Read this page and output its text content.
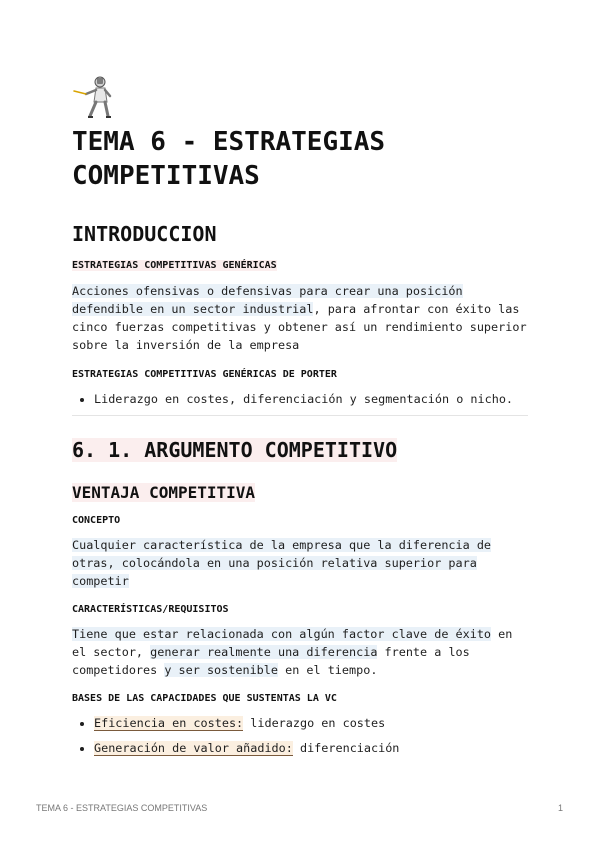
TEMA 6 - ESTRATEGIAS
COMPETITIVAS
INTRODUCCION
ESTRATEGIAS COMPETITIVAS GENÉRICAS

Acciones ofensivas o defensivas para crear una posición defendible en un sector industrial, para afrontar con éxito las cinco fuerzas competitivas y obtener así un rendimiento superior sobre la inversión de la empresa

ESTRATEGIAS COMPETITIVAS GENÉRICAS DE PORTER
• Liderazgo en costes, diferenciación y segmentación o nicho.
6. 1. ARGUMENTO COMPETITIVO
VENTAJA COMPETITIVA
CONCEPTO

Cualquier característica de la empresa que la diferencia de otras, colocándola en una posición relativa superior para competir

CARACTERÍSTICAS/REQUISITOS

Tiene que estar relacionada con algún factor clave de éxito en el sector, generar realmente una diferencia frente a los competidores y ser sostenible en el tiempo.

BASES DE LAS CAPACIDADES QUE SUSTENTAS LA VC
• Eficiencia en costes: liderazgo en costes
• Generación de valor añadido: diferenciación
TEMA 6 - ESTRATEGIAS COMPETITIVAS	1
